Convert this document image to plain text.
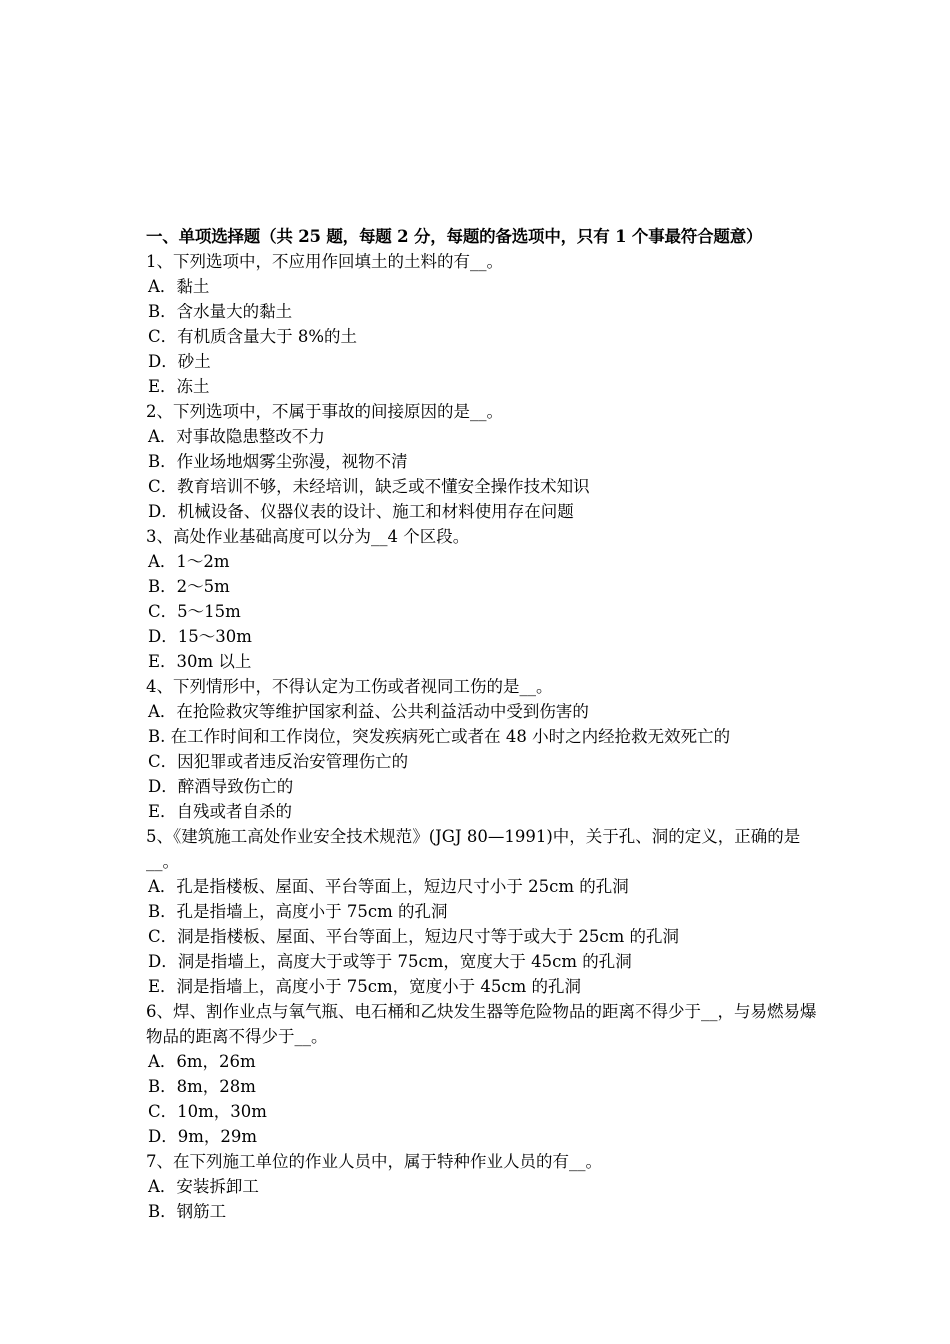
一、单项选择题（共 25 题，每题 2 分，每题的备选项中，只有 1 个事最符合题意）
1、下列选项中，不应用作回填土的土料的有__。
A．黏土
B．含水量大的黏土
C．有机质含量大于 8%的土
D．砂土
E．冻土
2、下列选项中，不属于事故的间接原因的是__。
A．对事故隐患整改不力
B．作业场地烟雾尘弥漫，视物不清
C．教育培训不够，未经培训，缺乏或不懂安全操作技术知识
D．机械设备、仪器仪表的设计、施工和材料使用存在问题
3、高处作业基础高度可以分为__4 个区段。
A．1～2m
B．2～5m
C．5～15m
D．15～30m
E．30m 以上
4、下列情形中，不得认定为工伤或者视同工伤的是__。
A．在抢险救灾等维护国家利益、公共利益活动中受到伤害的
B. 在工作时间和工作岗位，突发疾病死亡或者在 48 小时之内经抢救无效死亡的
C．因犯罪或者违反治安管理伤亡的
D．醉酒导致伤亡的
E．自残或者自杀的
5、《建筑施工高处作业安全技术规范》(JGJ 80—1991)中，关于孔、洞的定义，正确的是__。
A．孔是指楼板、屋面、平台等面上，短边尺寸小于 25cm 的孔洞
B．孔是指墙上，高度小于 75cm 的孔洞
C．洞是指楼板、屋面、平台等面上，短边尺寸等于或大于 25cm 的孔洞
D．洞是指墙上，高度大于或等于 75cm，宽度大于 45cm 的孔洞
E．洞是指墙上，高度小于 75cm，宽度小于 45cm 的孔洞
6、焊、割作业点与氧气瓶、电石桶和乙炔发生器等危险物品的距离不得少于__，与易燃易爆物品的距离不得少于__。
A．6m，26m
B．8m，28m
C．10m，30m
D．9m，29m
7、在下列施工单位的作业人员中，属于特种作业人员的有__。
A．安装拆卸工
B．钢筋工
